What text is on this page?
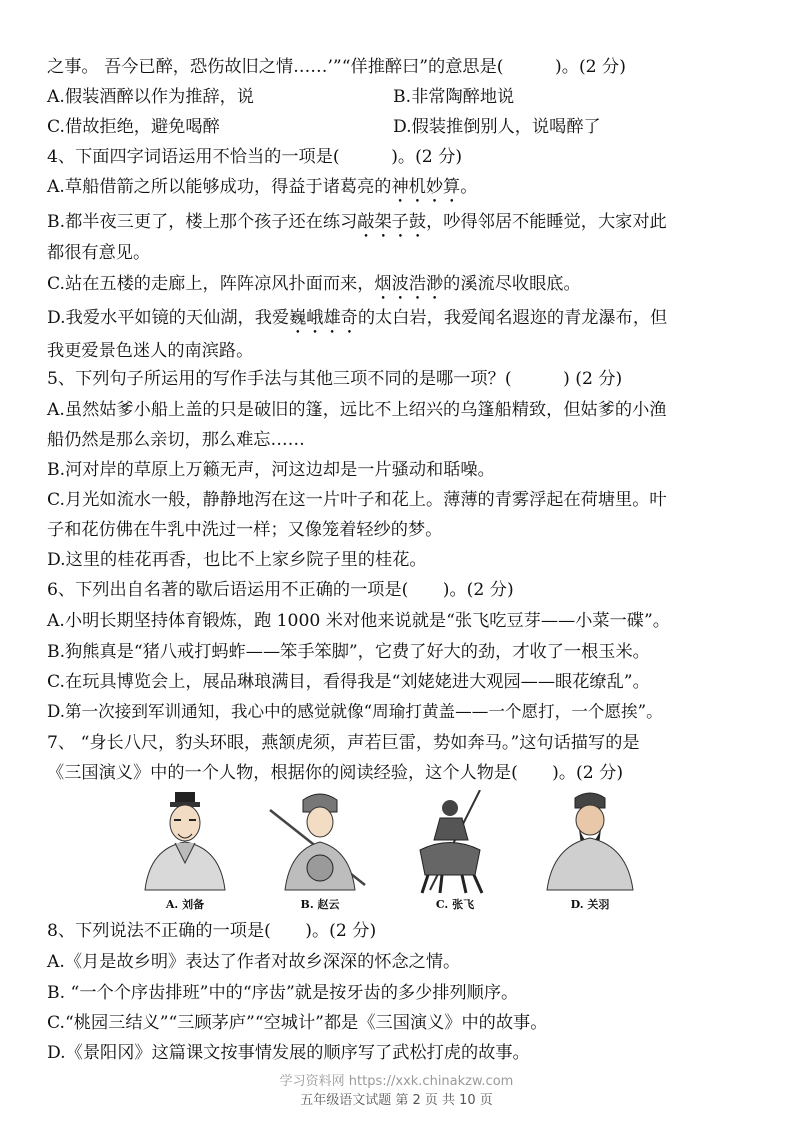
之事。 吾今已醉，恐伤故旧之情……’”“佯推醉曰”的意思是(　　　)。(2 分)
A.假装酒醉以作为推辞，说	B.非常陶醉地说
C.借故拒绝，避免喝醉	D.假装推倒别人，说喝醉了
4、下面四字词语运用不恰当的一项是(　　　)。(2 分)
A.草船借箭之所以能够成功，得益于诸葛亮的神机妙算。
B.都半夜三更了，楼上那个孩子还在练习敲架子鼓，吵得邻居不能睡觉，大家对此
都很有意见。
C.站在五楼的走廊上，阵阵凉风扑面而来，烟波浩渺的溪流尽收眼底。
D.我爱水平如镜的天仙湖，我爱巍峨雄奇的太白岩，我爱闻名遐迩的青龙瀑布，但
我更爱景色迷人的南滨路。
5、下列句子所运用的写作手法与其他三项不同的是哪一项？(　　　) (2 分)
A.虽然姑爹小船上盖的只是破旧的篷，远比不上绍兴的乌篷船精致，但姑爹的小渔
船仍然是那么亲切，那么难忘……
B.河对岸的草原上万籁无声，河这边却是一片骚动和聒噪。
C.月光如流水一般，静静地泻在这一片叶子和花上。薄薄的青雾浮起在荷塘里。叶
子和花仿佛在牛乳中洗过一样；又像笼着轻纱的梦。
D.这里的桂花再香，也比不上家乡院子里的桂花。
6、下列出自名著的歇后语运用不正确的一项是(　　)。(2 分)
A.小明长期坚持体育锻炼，跑 1000 米对他来说就是“张飞吃豆芽——小菜一碟”。
B.狗熊真是“猪八戒打蚂蚱——笨手笨脚”，它费了好大的劲，才收了一根玉米。
C.在玩具博览会上，展品琳琅满目，看得我是“刘姥姥进大观园——眼花缭乱”。
D.第一次接到军训通知，我心中的感觉就像“周瑜打黄盖——一个愿打，一个愿挨”。
7、 “身长八尺，豹头环眼，燕颔虎须，声若巨雷，势如奔马。”这句话描写的是
《三国演义》中的一个人物，根据你的阅读经验，这个人物是(　　)。(2 分)
A. 刘备	B. 赵云	C. 张飞	D. 关羽
8、下列说法不正确的一项是(　　)。(2 分)
A.《月是故乡明》表达了作者对故乡深深的怀念之情。
B. “一个个序齿排班”中的“序齿”就是按牙齿的多少排列顺序。
C.“桃园三结义”“三顾茅庐”“空城计”都是《三国演义》中的故事。
D.《景阳冈》这篇课文按事情发展的顺序写了武松打虎的故事。
学习资料网 https://xxk.chinakzw.com
五年级语文试题 第 2 页 共 10 页
